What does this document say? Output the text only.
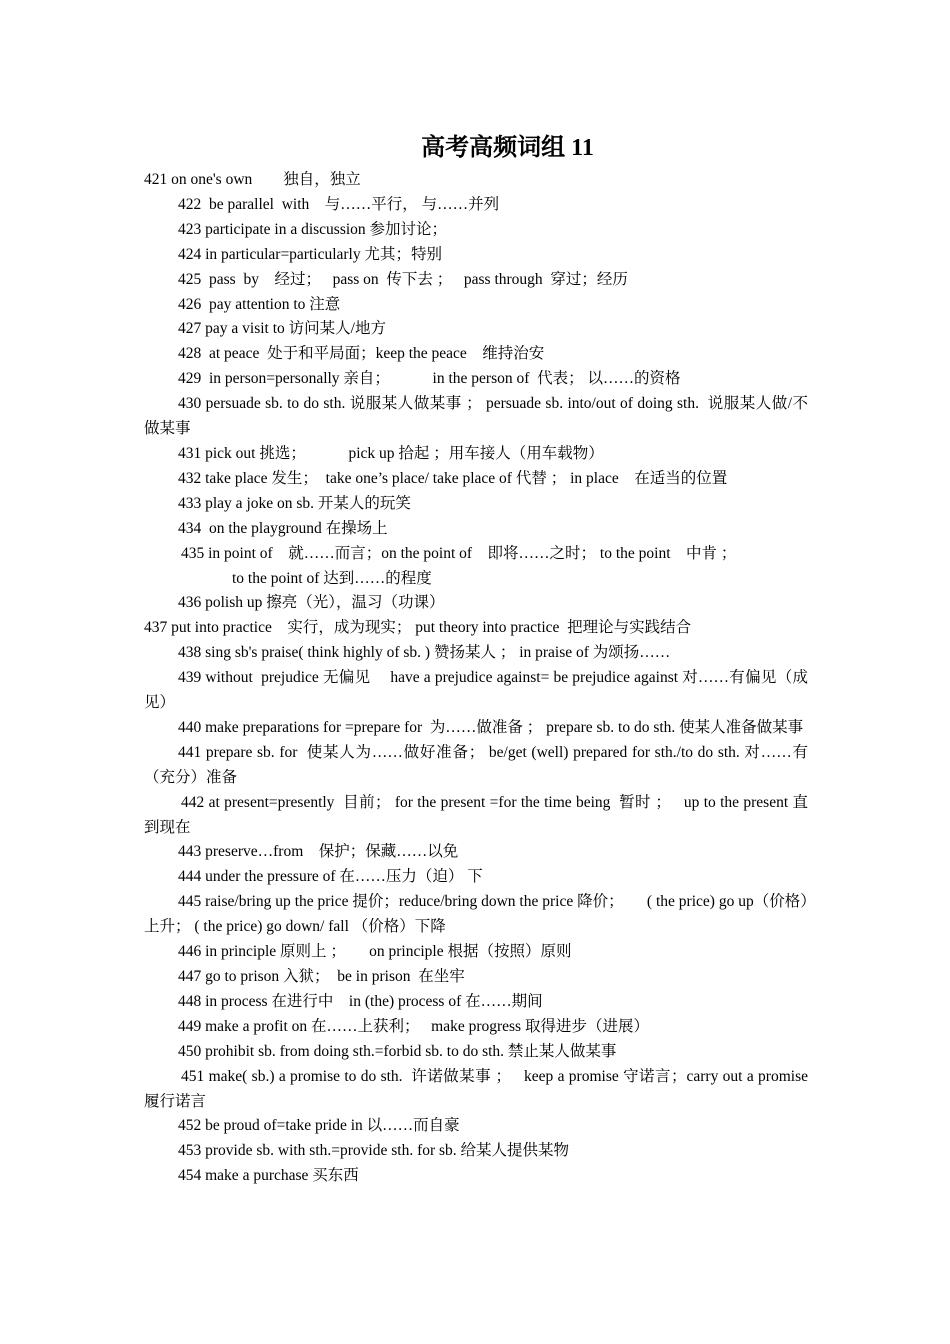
高考高频词组 11

421 on one's own　　独自，独立

422  be parallel  with　与……平行， 与……并列

423 participate in a discussion 参加讨论；

424 in particular=particularly 尤其；特别

425  pass  by　经过；　 pass on  传下去 ；　 pass through  穿过；经历

426  pay attention to 注意

427 pay a visit to 访问某人/地方

428  at peace  处于和平局面；keep the peace　维持治安

429  in person=personally 亲自；　　　 in the person of  代表； 以……的资格

430 persuade sb. to do sth. 说服某人做某事 ； persuade sb. into/out of doing sth.  说服某人做/不做某事

431 pick out 挑选；　　　 pick up 拾起 ；用车接人（用车载物）

432 take place 发生；  take one’s place/ take place of 代替 ； in place　在适当的位置

433 play a joke on sb. 开某人的玩笑

434  on the playground 在操场上

435 in point of　就……而言；on the point of　即将……之时； to the point　中肯 ；

to the point of 达到……的程度

436 polish up 擦亮（光），温习（功课）

437 put into practice　实行，成为现实； put theory into practice  把理论与实践结合

438 sing sb's praise( think highly of sb. ) 赞扬某人 ； in praise of 为颂扬……

439 without  prejudice 无偏见　 have a prejudice against= be prejudice against 对……有偏见（成见）

440 make preparations for =prepare for  为……做准备 ； prepare sb. to do sth. 使某人准备做某事

441 prepare sb. for  使某人为……做好准备； be/get (well) prepared for sth./to do sth. 对……有（充分）准备

442 at present=presently  目前； for the present =for the time being  暂时 ；　 up to the present 直到现在

443 preserve…from　保护；保藏……以免

444 under the pressure of 在……压力（迫） 下

445 raise/bring up the price 提价；reduce/bring down the price 降价；　　( the price) go up（价格）上升； ( the price) go down/ fall （价格）下降

446 in principle 原则上 ；　　on principle 根据（按照）原则

447 go to prison 入狱；　be in prison  在坐牢

448 in process 在进行中　in (the) process of 在……期间

449 make a profit on 在……上获利；　 make progress 取得进步（进展）

450 prohibit sb. from doing sth.=forbid sb. to do sth. 禁止某人做某事

451 make( sb.) a promise to do sth.  许诺做某事 ；　 keep a promise 守诺言；carry out a promise 履行诺言

452 be proud of=take pride in 以……而自豪

453 provide sb. with sth.=provide sth. for sb. 给某人提供某物

454 make a purchase 买东西
